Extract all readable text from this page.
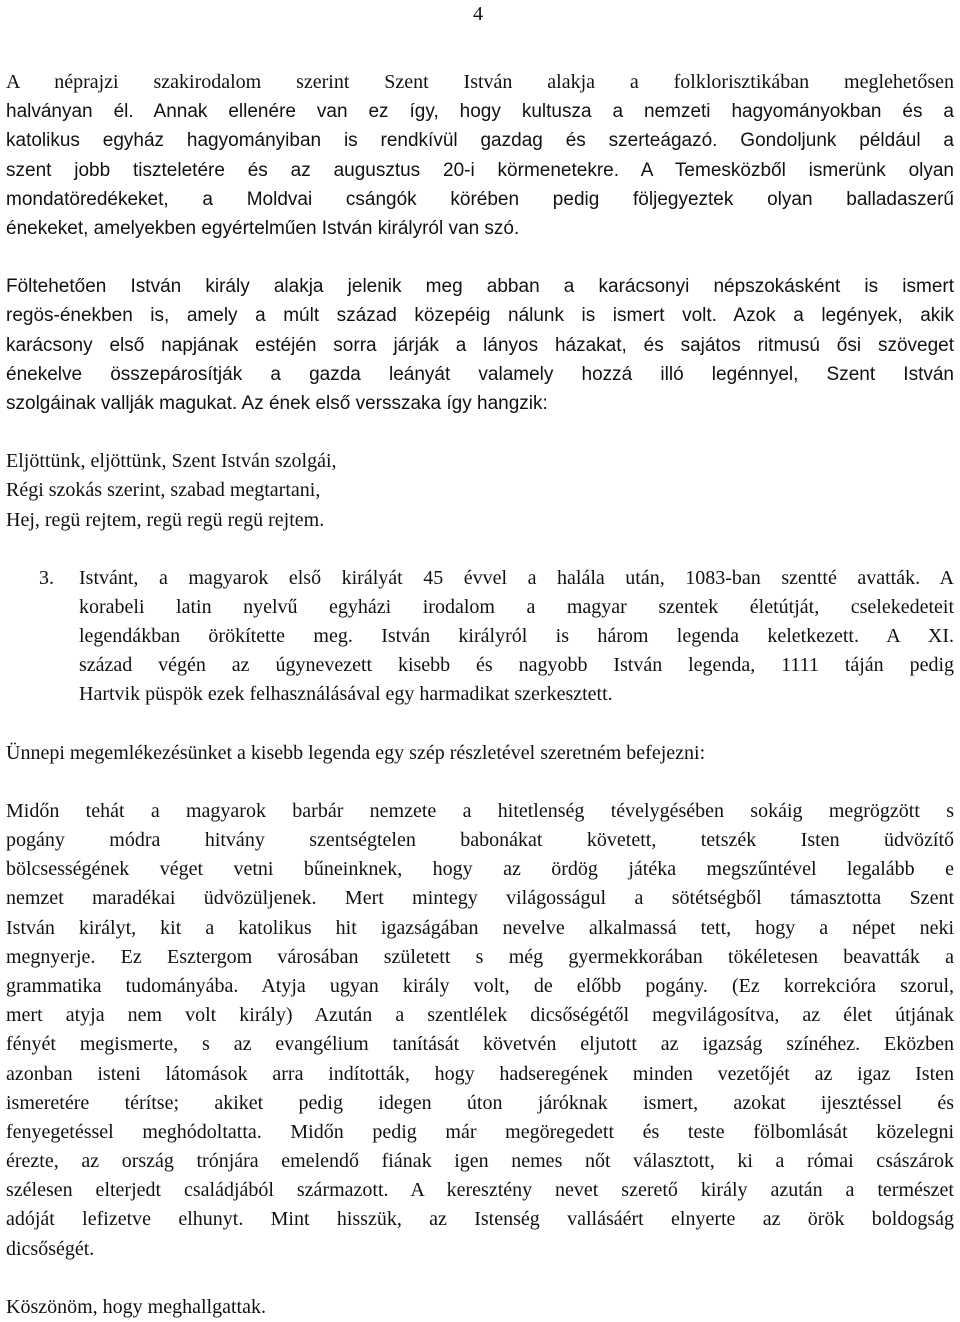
4
A néprajzi szakirodalom szerint Szent István alakja a folklorisztikában meglehetősen
halványan él. Annak ellenére van ez így, hogy kultusza a nemzeti hagyományokban és a
katolikus egyház hagyományiban is rendkívül gazdag és szerteágazó. Gondoljunk például a
szent jobb tiszteletére és az augusztus 20-i körmenetekre. A Temesközből ismerünk olyan
mondatöredékeket, a Moldvai csángók körében pedig följegyeztek olyan balladaszerű
énekeket, amelyekben egyértelműen István királyról van szó.
Föltehetően István király alakja jelenik meg abban a karácsonyi népszokásként is ismert
regös-énekben is, amely a múlt század közepéig nálunk is ismert volt. Azok a legények, akik
karácsony első napjának estéjén sorra járják a lányos házakat, és sajátos ritmusú ősi szöveget
énekelve összepárosítják a gazda leányát valamely hozzá illó legénnyel, Szent István
szolgáinak vallják magukat. Az ének első versszaka így hangzik:
Eljöttünk, eljöttünk, Szent István szolgái,
Régi szokás szerint, szabad megtartani,
Hej, regü rejtem, regü regü regü rejtem.
3. Istvánt, a magyarok első királyát 45 évvel a halála után, 1083-ban szentté avatták. A
korabeli latin nyelvű egyházi irodalom a magyar szentek életútját, cselekedeteit
legendákban örökítette meg. István királyról is három legenda keletkezett. A XI.
század végén az úgynevezett kisebb és nagyobb István legenda, 1111 táján pedig
Hartvik püspök ezek felhasználásával egy harmadikat szerkesztett.
Ünnepi megemlékezésünket a kisebb legenda egy szép részletével szeretném befejezni:
Midőn tehát a magyarok barbár nemzete a hitetlenség tévelygésében sokáig megrögzött s
pogány módra hitvány szentségtelen babonákat követett, tetszék Isten üdvözítő
bölcsességének véget vetni bűneinknek, hogy az ördög játéka megszűntével legalább e
nemzet maradékai üdvözüljenek. Mert mintegy világosságul a sötétségből támasztotta Szent
István királyt, kit a katolikus hit igazságában nevelve alkalmassá tett, hogy a népet neki
megnyerje. Ez Esztergom városában született s még gyermekkorában tökéletesen beavatták a
grammatika tudományába. Atyja ugyan király volt, de előbb pogány. (Ez korrekcióra szorul,
mert atyja nem volt király) Azután a szentlélek dicsőségétől megvilágosítva, az élet útjának
fényét megismerte, s az evangélium tanítását követvén eljutott az igazság színéhez. Eközben
azonban isteni látomások arra indították, hogy hadseregének minden vezetőjét az igaz Isten
ismeretére térítse; akiket pedig idegen úton járóknak ismert, azokat ijesztéssel és
fenyegetéssel meghódoltatta. Midőn pedig már megöregedett és teste fölbomlását közelegni
érezte, az ország trónjára emelendő fiának igen nemes nőt választott, ki a római császárok
szélesen elterjedt családjából származott. A keresztény nevet szerető király azután a természet
adóját lefizetve elhunyt. Mint hisszük, az Istenség vallásáért elnyerte az örök boldogság
dicsőségét.
Köszönöm, hogy meghallgattak.
